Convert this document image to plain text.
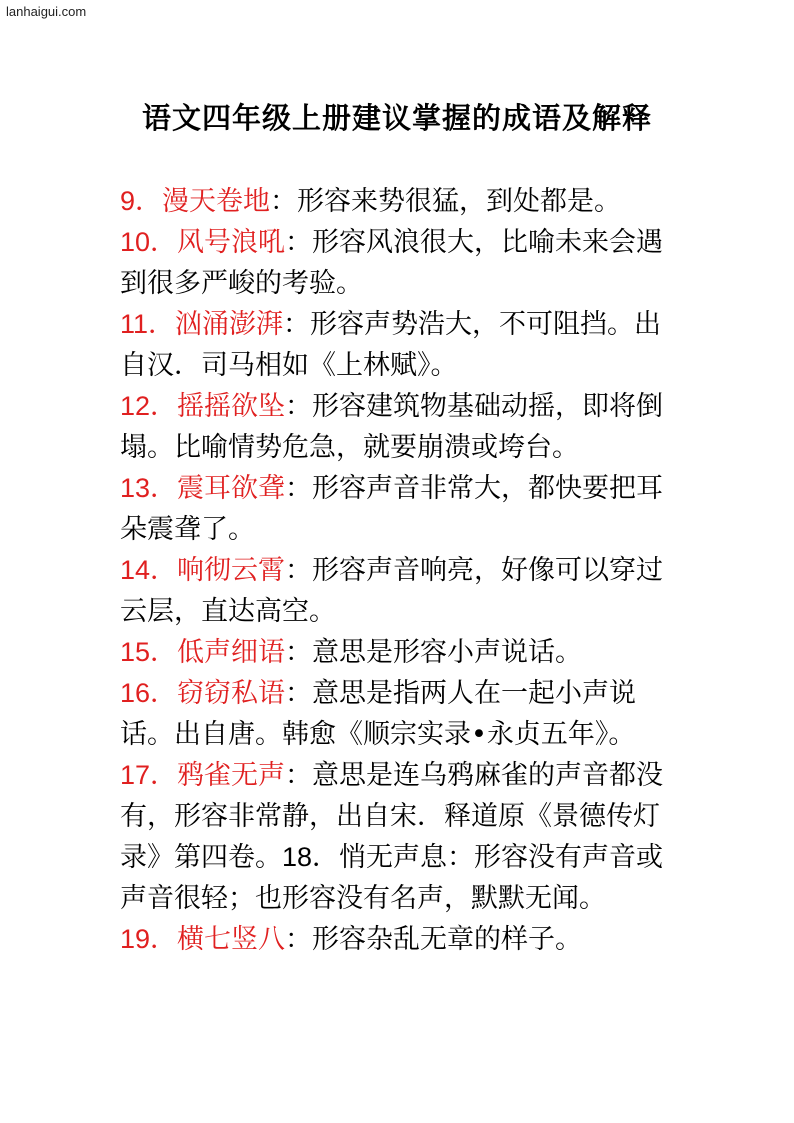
lanhaigui.com
语文四年级上册建议掌握的成语及解释

9．漫天卷地：形容来势很猛，到处都是。

10．风号浪吼：形容风浪很大，比喻未来会遇到很多严峻的考验。

11．汹涌澎湃：形容声势浩大，不可阻挡。出自汉．司马相如《上林赋》。

12．摇摇欲坠：形容建筑物基础动摇，即将倒塌。比喻情势危急，就要崩溃或垮台。

13．震耳欲聋：形容声音非常大，都快要把耳朵震聋了。

14．响彻云霄：形容声音响亮，好像可以穿过云层，直达高空。

15．低声细语：意思是形容小声说话。

16．窃窃私语：意思是指两人在一起小声说话。出自唐。韩愈《顺宗实录•永贞五年》。

17．鸦雀无声：意思是连乌鸦麻雀的声音都没有，形容非常静，出自宋．释道原《景德传灯录》第四卷。18．悄无声息：形容没有声音或声音很轻；也形容没有名声，默默无闻。

19．横七竖八：形容杂乱无章的样子。
